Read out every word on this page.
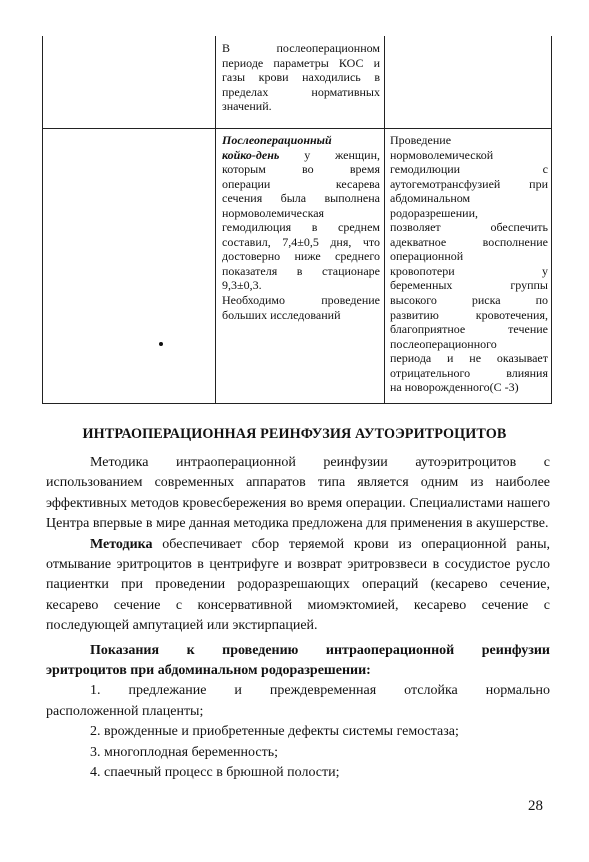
В послеоперационном
периоде параметры КОС и
газы крови находились в
пределах нормативных
значений.
Послеоперационный
койко-день у женщин,
которым во время
операции кесарева
сечения была выполнена
нормоволемическая
гемодилюция в среднем
составил, 7,4±0,5 дня, что
достоверно ниже среднего
показателя в стационаре
9,3±0,3.
Необходимо проведение
больших исследований
Проведение
нормоволемической
гемодилюции с
аутогемотрансфузией при
абдоминальном
родоразрешении,
позволяет обеспечить
адекватное восполнение
операционной
кровопотери у
беременных группы
высокого риска по
развитию кровотечения,
благоприятное течение
послеоперационного
периода и не оказывает
отрицательного влияния
на новорожденного(С -3)
ИНТРАОПЕРАЦИОННАЯ РЕИНФУЗИЯ АУТОЭРИТРОЦИТОВ

Методика интраоперационной реинфузии аутоэритроцитов с использованием современных аппаратов типа является одним из наиболее эффективных методов кровесбережения во время операции. Специалистами нашего Центра впервые в мире данная методика предложена для применения в акушерстве.

Методика обеспечивает сбор теряемой крови из операционной раны, отмывание эритроцитов в центрифуге и возврат эритровзвеси в сосудистое русло пациентки при проведении родоразрешающих операций (кесарево сечение, кесарево сечение с консервативной миомэктомией, кесарево сечение с последующей ампутацией или экстирпацией.

Показания к проведению интраоперационной реинфузии
эритроцитов при абдоминальном родоразрешении:

1. предлежание и преждевременная отслойка нормально
расположенной плаценты;
2. врожденные и приобретенные дефекты системы гемостаза;
3. многоплодная беременность;
4. спаечный процесс в брюшной полости;
28
